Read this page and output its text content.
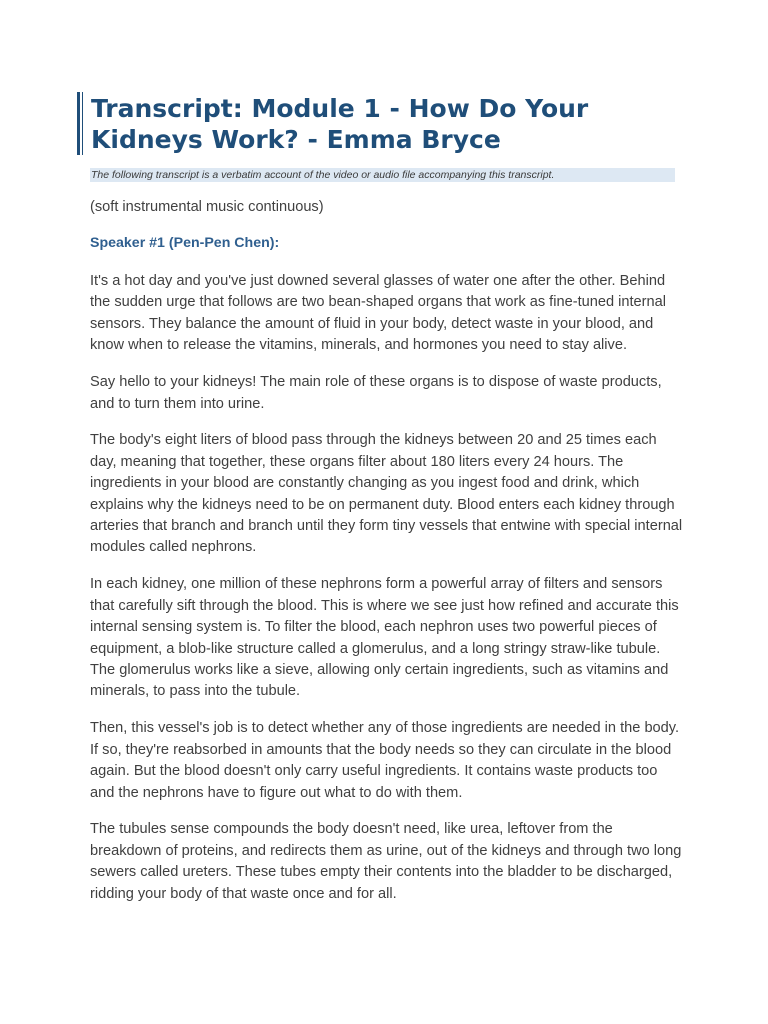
Transcript: Module 1 - How Do Your Kidneys Work? - Emma Bryce
The following transcript is a verbatim account of the video or audio file accompanying this transcript.

(soft instrumental music continuous)

Speaker #1 (Pen-Pen Chen):

It's a hot day and you've just downed several glasses of water one after the other. Behind the sudden urge that follows are two bean-shaped organs that work as fine-tuned internal sensors. They balance the amount of fluid in your body, detect waste in your blood, and know when to release the vitamins, minerals, and hormones you need to stay alive.

Say hello to your kidneys! The main role of these organs is to dispose of waste products, and to turn them into urine.

The body's eight liters of blood pass through the kidneys between 20 and 25 times each day, meaning that together, these organs filter about 180 liters every 24 hours. The ingredients in your blood are constantly changing as you ingest food and drink, which explains why the kidneys need to be on permanent duty. Blood enters each kidney through arteries that branch and branch until they form tiny vessels that entwine with special internal modules called nephrons.

In each kidney, one million of these nephrons form a powerful array of filters and sensors that carefully sift through the blood. This is where we see just how refined and accurate this internal sensing system is. To filter the blood, each nephron uses two powerful pieces of equipment, a blob-like structure called a glomerulus, and a long stringy straw-like tubule. The glomerulus works like a sieve, allowing only certain ingredients, such as vitamins and minerals, to pass into the tubule.

Then, this vessel's job is to detect whether any of those ingredients are needed in the body. If so, they're reabsorbed in amounts that the body needs so they can circulate in the blood again. But the blood doesn't only carry useful ingredients. It contains waste products too and the nephrons have to figure out what to do with them.

The tubules sense compounds the body doesn't need, like urea, leftover from the breakdown of proteins, and redirects them as urine, out of the kidneys and through two long sewers called ureters. These tubes empty their contents into the bladder to be discharged, ridding your body of that waste once and for all.
